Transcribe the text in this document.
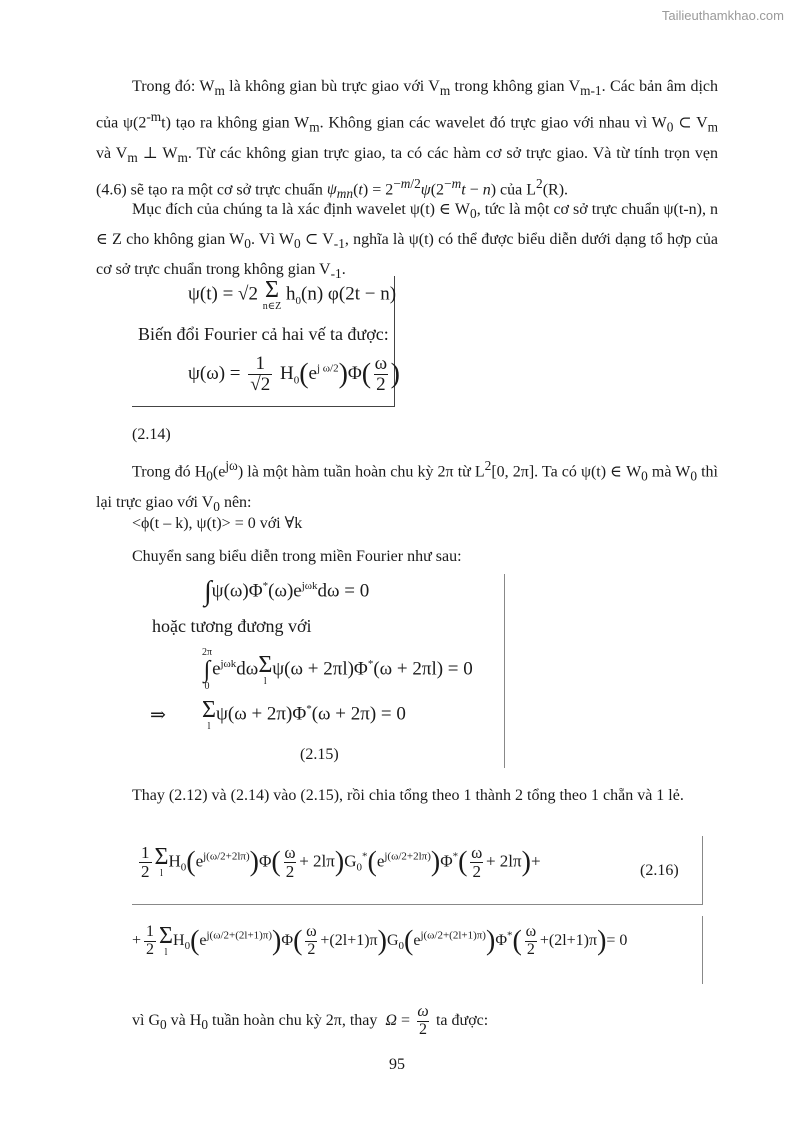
Tailieuthamkhao.com
Trong đó: $W_m$ là không gian bù trực giao với $V_m$ trong không gian $V_{m-1}$. Các bản âm dịch của $\psi(2^{-m}t)$ tạo ra không gian $W_m$. Không gian các wavelet đó trực giao với nhau vì $W_0$ ⊂ $V_m$ và $V_m$ ⊥ $W_m$. Từ các không gian trực giao, ta có các hàm cơ sở trực giao. Và từ tính trọn vẹn (4.6) sẽ tạo ra một cơ sở trực chuẩn $\psi_{mn}(t) = 2^{-m/2}\psi(2^{-m}t - n)$ của $L^2(R)$.
Mục đích của chúng ta là xác định wavelet ψ(t) ∈ $W_0$, tức là một cơ sở trực chuẩn ψ(t-n), n ∈ Z cho không gian $W_0$. Vì $W_0$ ⊂ $V_{-1}$, nghĩa là ψ(t) có thể được biểu diễn dưới dạng tổ hợp của cơ sở trực chuẩn trong không gian $V_{-1}$.
ψ(t) = √2 Σ
n∈Z
$h_0(n) \varphi(2t - n)$
Biến đổi Fourier cả hai vế ta được:
$\psi(\omega) = \frac{1}{√2} H_0(e^{j \omega/2})\Phi( \frac{\omega}{2}$ )
(2.14)
Trong đó $H_0(e^{j\omega})$ là một hàm tuần hoàn chu kỳ 2π từ $L^2[0$, 2π]. Ta có ψ(t) ∈ $W_0$ mà $W_0$ thì lại trực giao với $V_0$ nên:
<ϕ(t – k), ψ(t)> = 0 với ∀k
Chuyển sang biểu diễn trong miền Fourier như sau:
$\int\psi(\omega)\Phi^*(\omega)e^{j\omega k}d\omega = 0$
hoặc tương đương với
2π
∫
0
$e^{j\omega k}d\omega$ Σ
l
ψ(ω + 2πl)Φ*(ω + 2πl) = 0
⇒ Σ
l
ψ(ω + 2π)Φ*(ω + 2π) = 0
(2.15)
Thay (2.12) và (2.14) vào (2.15), rồi chia tổng theo 1 thành 2 tổng theo 1 chẵn và 1 lẻ.
$\frac{1}{2}$ Σ
l
$H_0(e^{j(\omega/2+2l\pi)})\Phi( \frac{\omega}{2} + 2l\pi)G_0^*(e^{j(\omega/2+2l\pi)})\Phi^*( \frac{\omega}{2} + 2l\pi)+$
(2.16)
+ $\frac{1}{2}$ Σ
l
$H_0(e^{j(\omega/2+(2l+1)\pi)})\Phi( \frac{\omega}{2} +(2l+1)\pi)G_0(e^{j(\omega/2+(2l+1)\pi)})\Phi^*( \frac{\omega}{2} +(2l+1)\pi)= 0$
vì $G_0$ và $H_0$ tuần hoàn chu kỳ 2π, thay  $\Omega = \frac{\omega}{2}$ ta được:
95
